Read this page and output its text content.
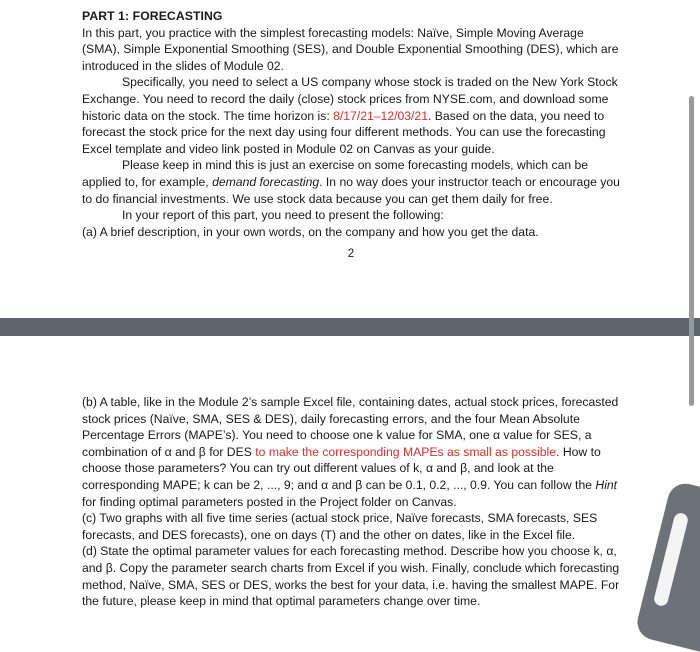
PART 1: FORECASTING

In this part, you practice with the simplest forecasting models: Naïve, Simple Moving Average (SMA), Simple Exponential Smoothing (SES), and Double Exponential Smoothing (DES), which are introduced in the slides of Module 02.

Specifically, you need to select a US company whose stock is traded on the New York Stock Exchange. You need to record the daily (close) stock prices from NYSE.com, and download some historic data on the stock. The time horizon is: 8/17/21–12/03/21. Based on the data, you need to forecast the stock price for the next day using four different methods. You can use the forecasting Excel template and video link posted in Module 02 on Canvas as your guide.

Please keep in mind this is just an exercise on some forecasting models, which can be applied to, for example, demand forecasting. In no way does your instructor teach or encourage you to do financial investments. We use stock data because you can get them daily for free.

In your report of this part, you need to present the following:

(a) A brief description, in your own words, on the company and how you get the data.

2

(b) A table, like in the Module 2’s sample Excel file, containing dates, actual stock prices, forecasted stock prices (Naïve, SMA, SES & DES), daily forecasting errors, and the four Mean Absolute Percentage Errors (MAPE’s). You need to choose one k value for SMA, one α value for SES, a combination of α and β for DES to make the corresponding MAPEs as small as possible. How to choose those parameters? You can try out different values of k, α and β, and look at the corresponding MAPE; k can be 2, ..., 9; and α and β can be 0.1, 0.2, ..., 0.9. You can follow the Hint for finding optimal parameters posted in the Project folder on Canvas.

(c) Two graphs with all five time series (actual stock price, Naïve forecasts, SMA forecasts, SES forecasts, and DES forecasts), one on days (T) and the other on dates, like in the Excel file.

(d) State the optimal parameter values for each forecasting method. Describe how you choose k, α, and β. Copy the parameter search charts from Excel if you wish. Finally, conclude which forecasting method, Naïve, SMA, SES or DES, works the best for your data, i.e. having the smallest MAPE. For the future, please keep in mind that optimal parameters change over time.
